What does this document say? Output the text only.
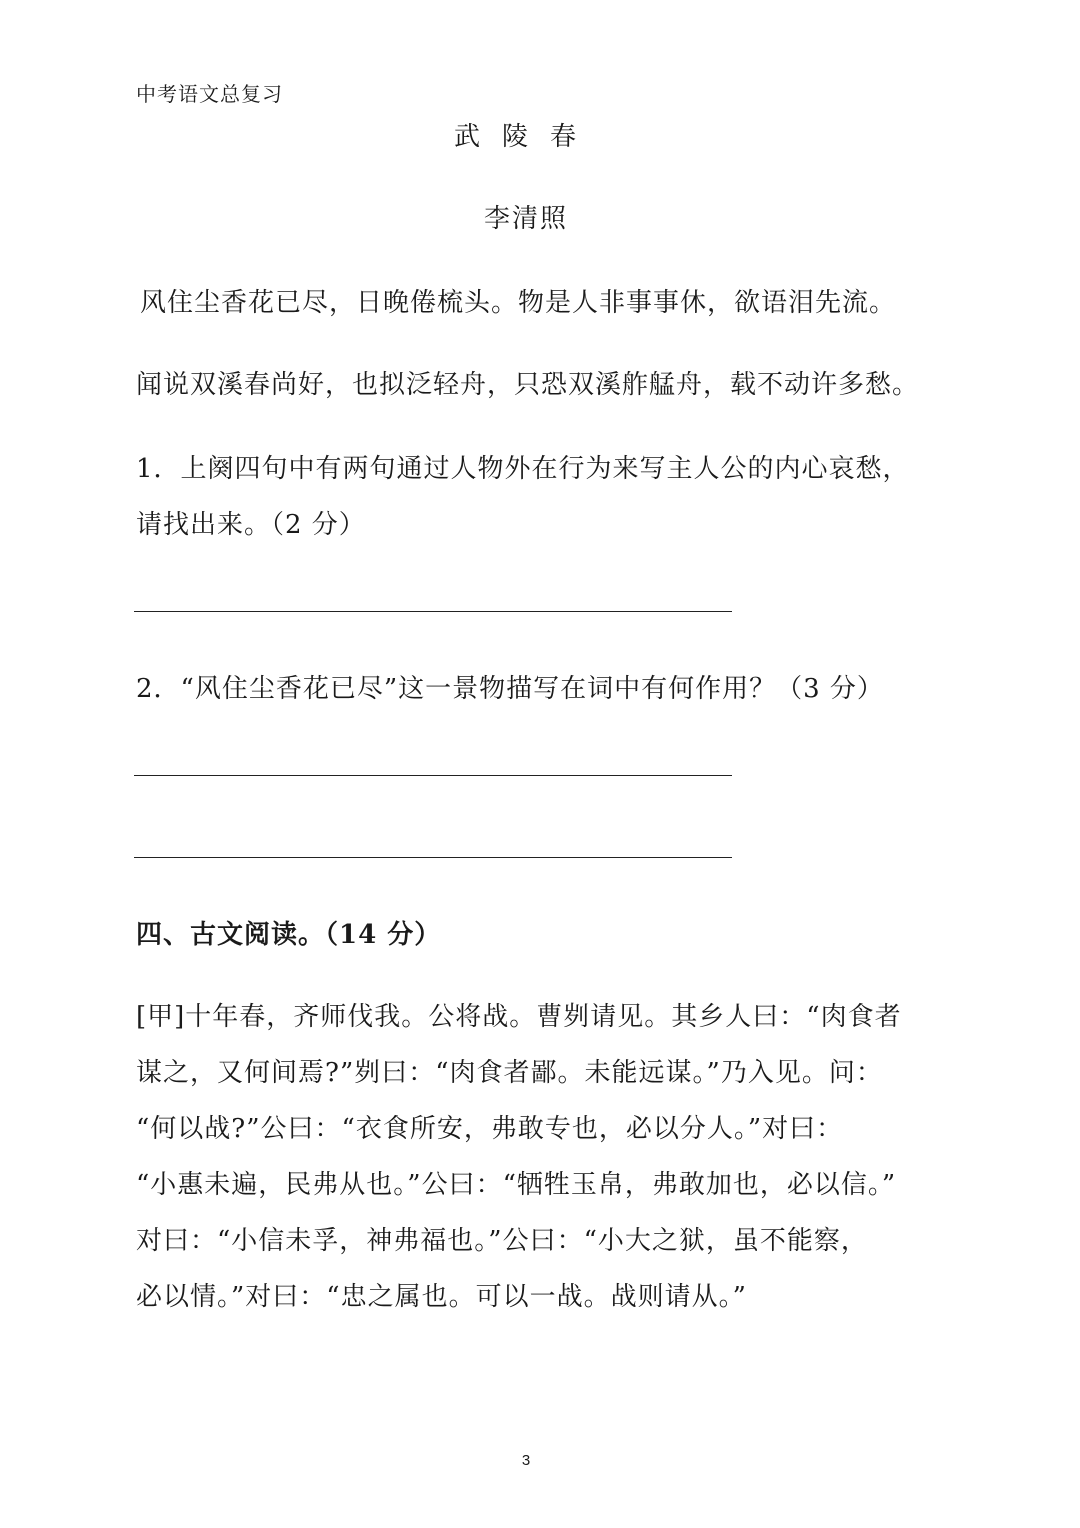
中考语文总复习
武陵春
李清照
风住尘香花已尽，日晚倦梳头。物是人非事事休，欲语泪先流。
闻说双溪春尚好，也拟泛轻舟，只恐双溪舴艋舟，载不动许多愁。
1．上阕四句中有两句通过人物外在行为来写主人公的内心哀愁，
请找出来。（2 分）
2．“风住尘香花已尽”这一景物描写在词中有何作用？（3 分）
四、古文阅读。（14 分）
[甲]十年春，齐师伐我。公将战。曹刿请见。其乡人曰：“肉食者
谋之，又何间焉?”刿曰：“肉食者鄙。未能远谋。”乃入见。问：
“何以战?”公曰：“衣食所安，弗敢专也，必以分人。”对曰：
“小惠未遍，民弗从也。”公曰：“牺牲玉帛，弗敢加也，必以信。”
对曰：“小信未孚，神弗福也。”公曰：“小大之狱，虽不能察，
必以情。”对曰：“忠之属也。可以一战。战则请从。”
3
